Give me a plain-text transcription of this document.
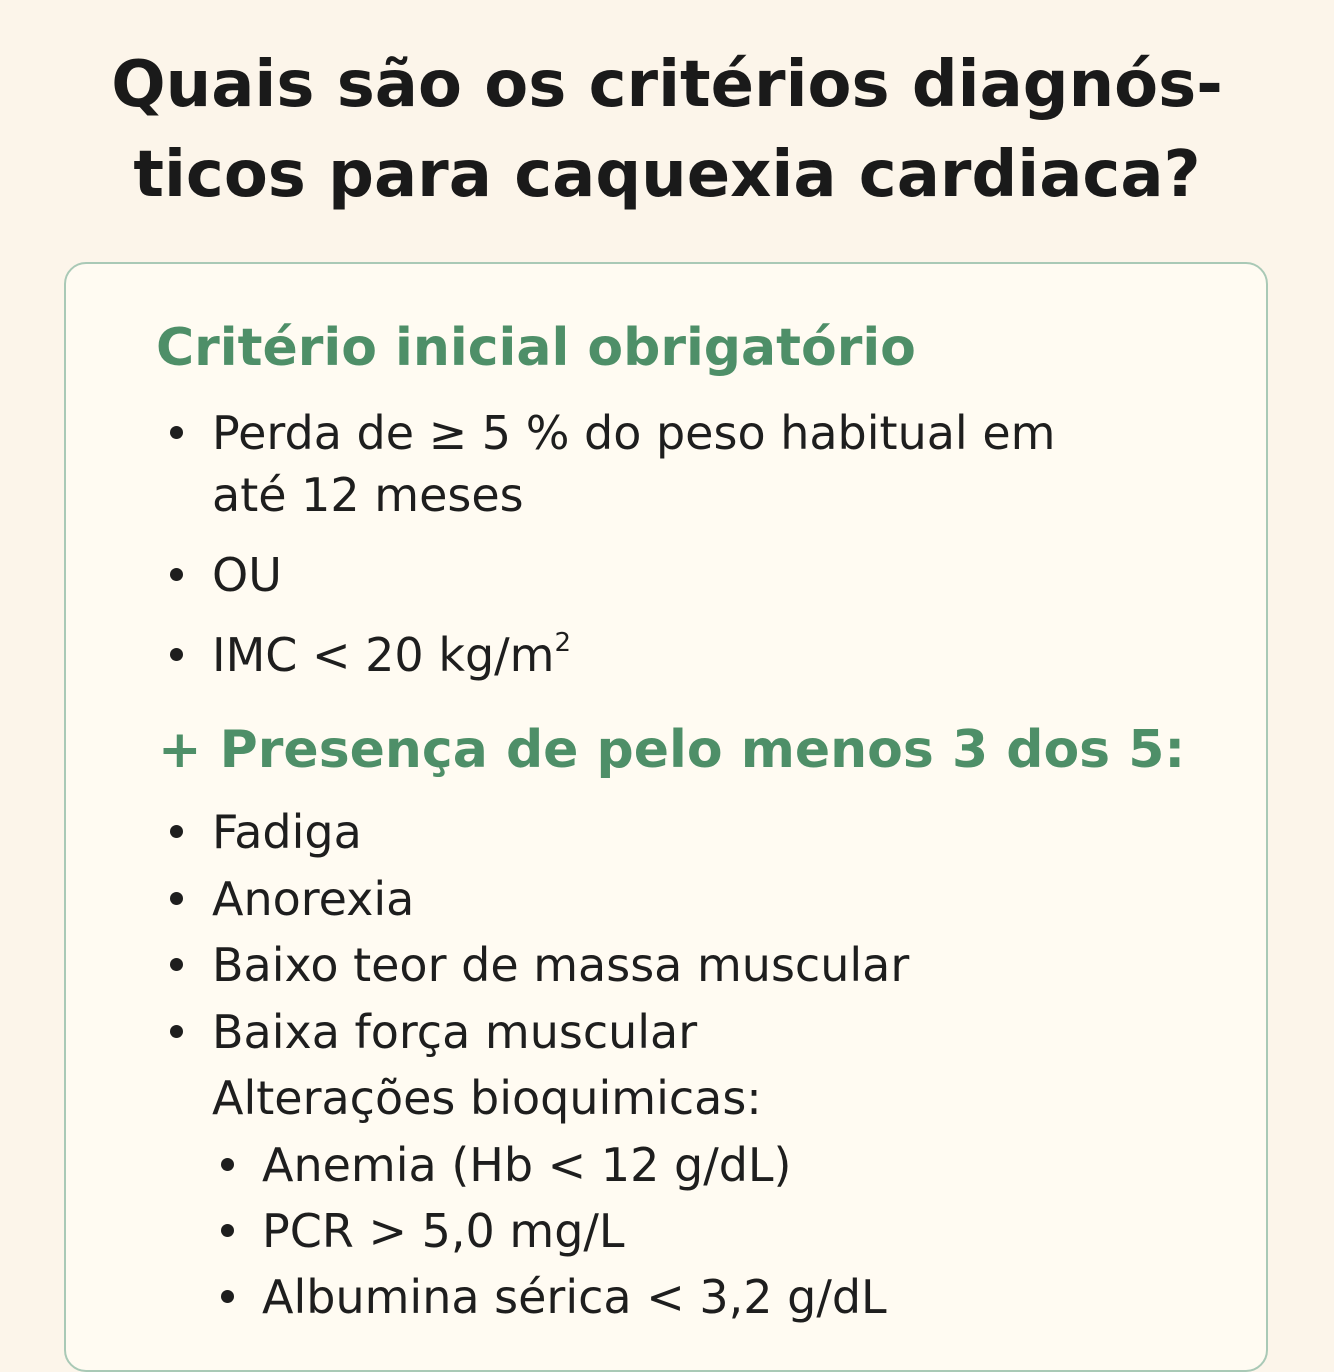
Quais são os critérios diagnós-
ticos para caquexia cardiaca?
Critério inicial obrigatório
Perda de ≥ 5 % do peso habitual em
até 12 meses
OU
IMC < 20 $kg/m^2$
+ Presença de pelo menos 3 dos 5:
Fadiga
Anorexia
Baixo teor de massa muscular
Baixa força muscular
Alterações bioquimicas:
Anemia (Hb < 12 g/dL)
PCR > 5,0 mg/L
Albumina sérica < 3,2 g/dL
